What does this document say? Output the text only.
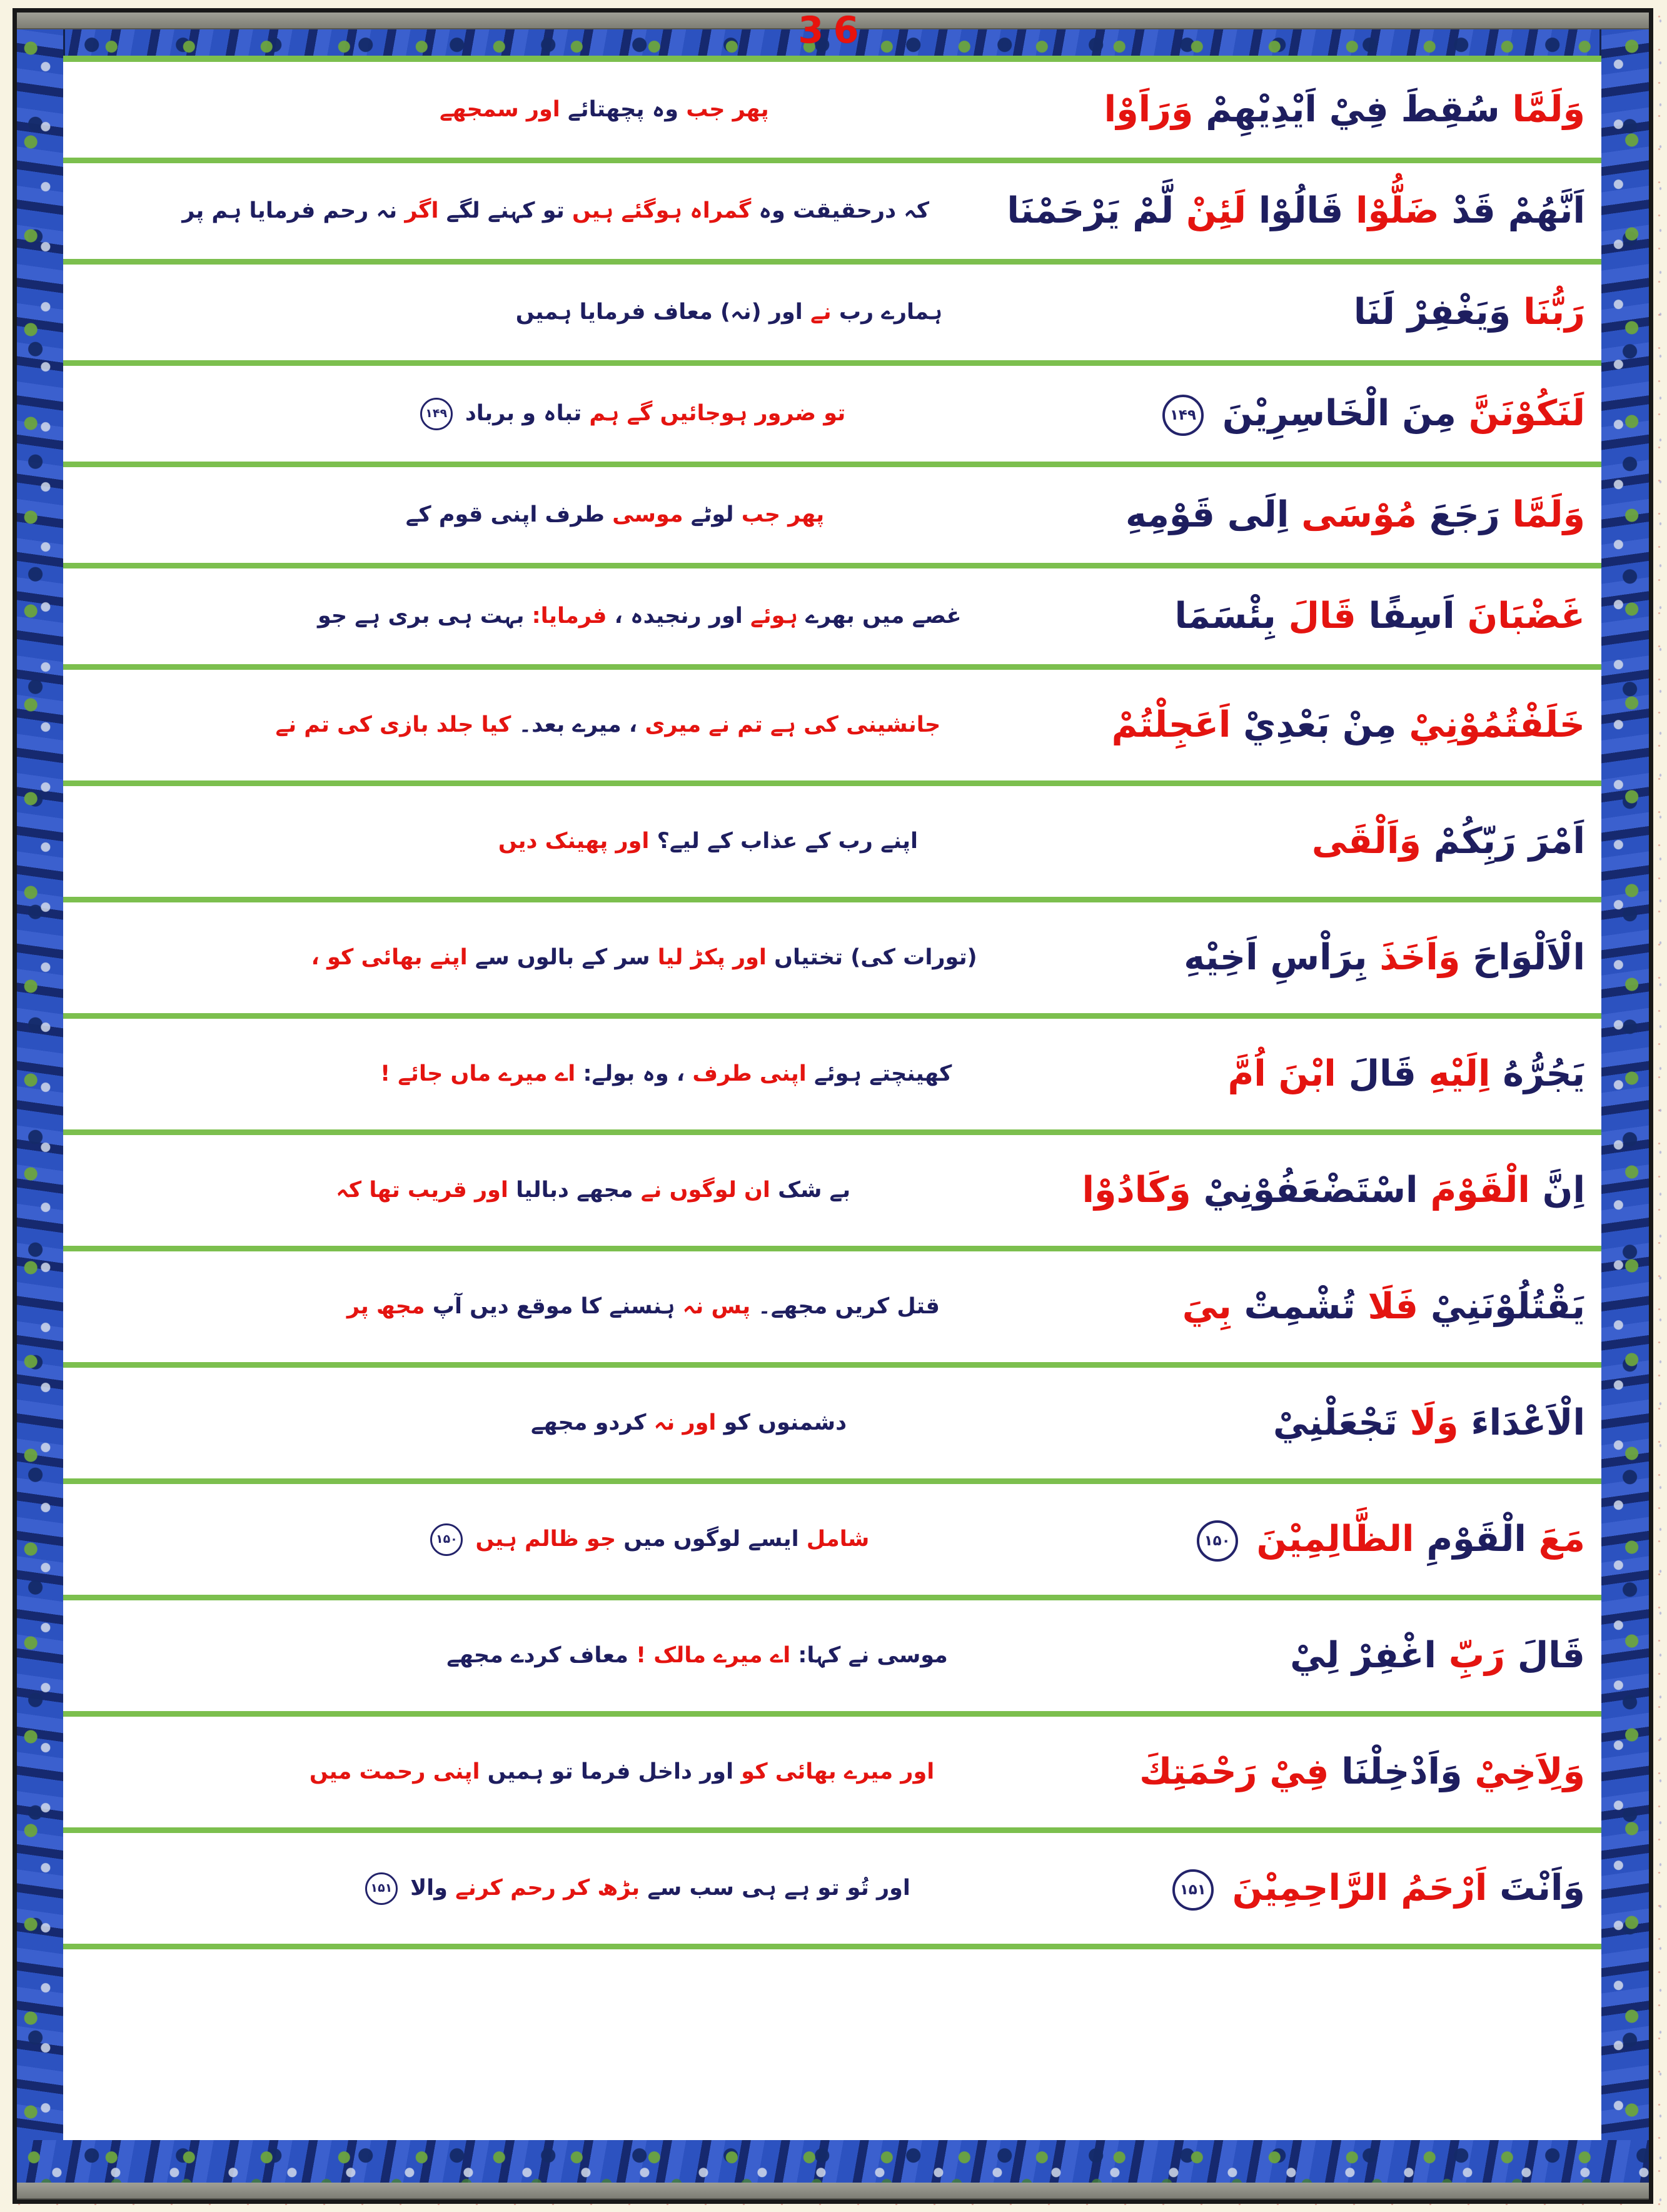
وَلَمَّا سُقِطَ فِيْ اَيْدِيْهِمْ وَرَاَوْا
پھر جب وہ پچھتائے اور سمجھے
اَنَّهُمْ قَدْ ضَلُّوْا قَالُوْا لَئِنْ لَّمْ يَرْحَمْنَا
کہ درحقیقت وہ گمراہ ہوگئے ہیں تو کہنے لگے اگر نہ رحم فرمایا ہم پر
رَبُّنَا وَيَغْفِرْ لَنَا
ہمارے رب نے اور (نہ) معاف فرمایا ہمیں
لَنَكُوْنَنَّ مِنَ الْخَاسِرِيْنَ ۱۴۹
تو ضرور ہوجائیں گے ہم تباہ و برباد ۱۴۹
وَلَمَّا رَجَعَ مُوْسَى اِلَى قَوْمِهِ
پھر جب لوٹے موسی طرف اپنی قوم کے
غَضْبَانَ اَسِفًا قَالَ بِئْسَمَا
غصے میں بھرے ہوئے اور رنجیدہ ، فرمایا: بہت ہی بری ہے جو
خَلَفْتُمُوْنِيْ مِنْ بَعْدِيْ اَعَجِلْتُمْ
جانشینی کی ہے تم نے میری ، میرے بعد۔ کیا جلد بازی کی تم نے
اَمْرَ رَبِّكُمْ وَاَلْقَى
اپنے رب کے عذاب کے لیے؟ اور پھینک دیں
الْاَلْوَاحَ وَاَخَذَ بِرَاْسِ اَخِيْهِ
(تورات کی) تختیاں اور پکڑ لیا سر کے بالوں سے اپنے بھائی کو ،
يَجُرُّهُ اِلَيْهِ قَالَ ابْنَ اُمَّ
کھینچتے ہوئے اپنی طرف ، وہ بولے: اے میرے ماں جائے !
اِنَّ الْقَوْمَ اسْتَضْعَفُوْنِيْ وَكَادُوْا
بے شک ان لوگوں نے مجھے دبالیا اور قریب تھا کہ
يَقْتُلُوْنَنِيْ فَلَا تُشْمِتْ بِيَ
قتل کریں مجھے۔ پس نہ ہنسنے کا موقع دیں آپ مجھ پر
الْاَعْدَاءَ وَلَا تَجْعَلْنِيْ
دشمنوں کو اور نہ کردو مجھے
مَعَ الْقَوْمِ الظَّالِمِيْنَ ۱۵۰
شامل ایسے لوگوں میں جو ظالم ہیں ۱۵۰
قَالَ رَبِّ اغْفِرْ لِيْ
موسی نے کہا: اے میرے مالک ! معاف کردے مجھے
وَلِاَخِيْ وَاَدْخِلْنَا فِيْ رَحْمَتِكَ
اور میرے بھائی کو اور داخل فرما تو ہمیں اپنی رحمت میں
وَاَنْتَ اَرْحَمُ الرَّاحِمِيْنَ ۱۵۱
اور تُو تو ہے ہی سب سے بڑھ کر رحم کرنے والا ۱۵۱
36
